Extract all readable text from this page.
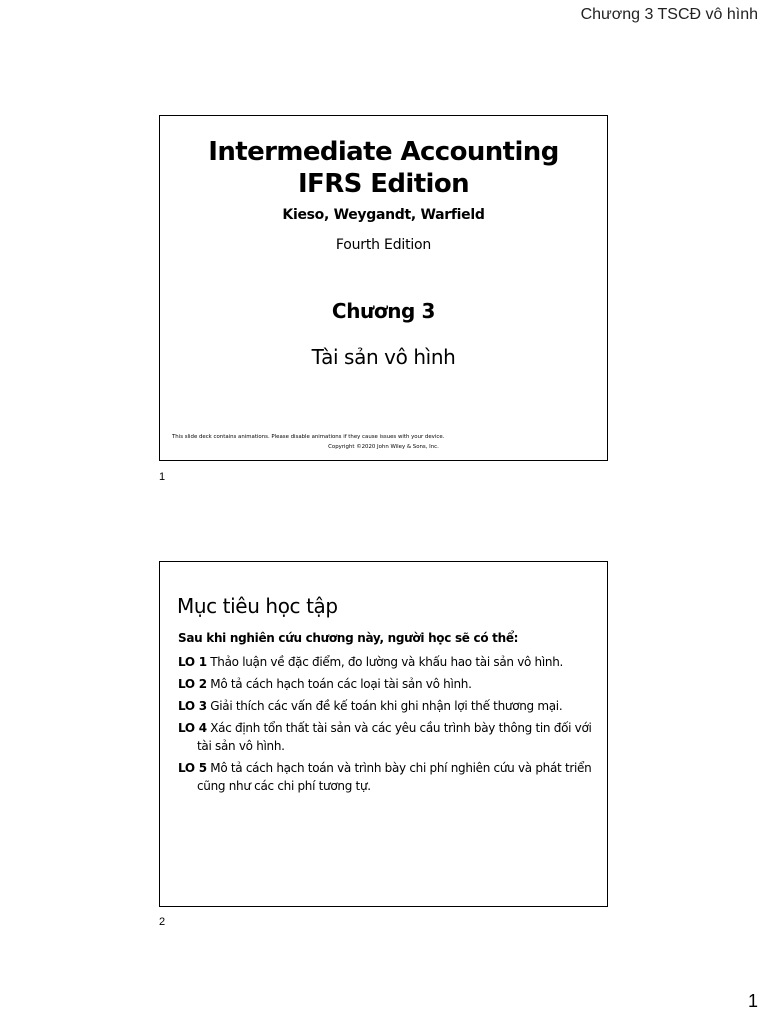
Chương 3 TSCĐ vô hình
Intermediate Accounting
IFRS Edition
Kieso, Weygandt, Warfield
Fourth Edition
Chương 3
Tài sản vô hình
This slide deck contains animations. Please disable animations if they cause issues with your device.
Copyright ©2020 John Wiley & Sons, Inc.
1
Mục tiêu học tập
Sau khi nghiên cứu chương này, người học sẽ có thể:
LO 1 Thảo luận về đặc điểm, đo lường và khấu hao tài sản vô hình.
LO 2 Mô tả cách hạch toán các loại tài sản vô hình.
LO 3 Giải thích các vấn đề kế toán khi ghi nhận lợi thế thương mại.
LO 4 Xác định tổn thất tài sản và các yêu cầu trình bày thông tin đối với tài sản vô hình.
LO 5 Mô tả cách hạch toán và trình bày chi phí nghiên cứu và phát triển cũng như các chi phí tương tự.
2
1
